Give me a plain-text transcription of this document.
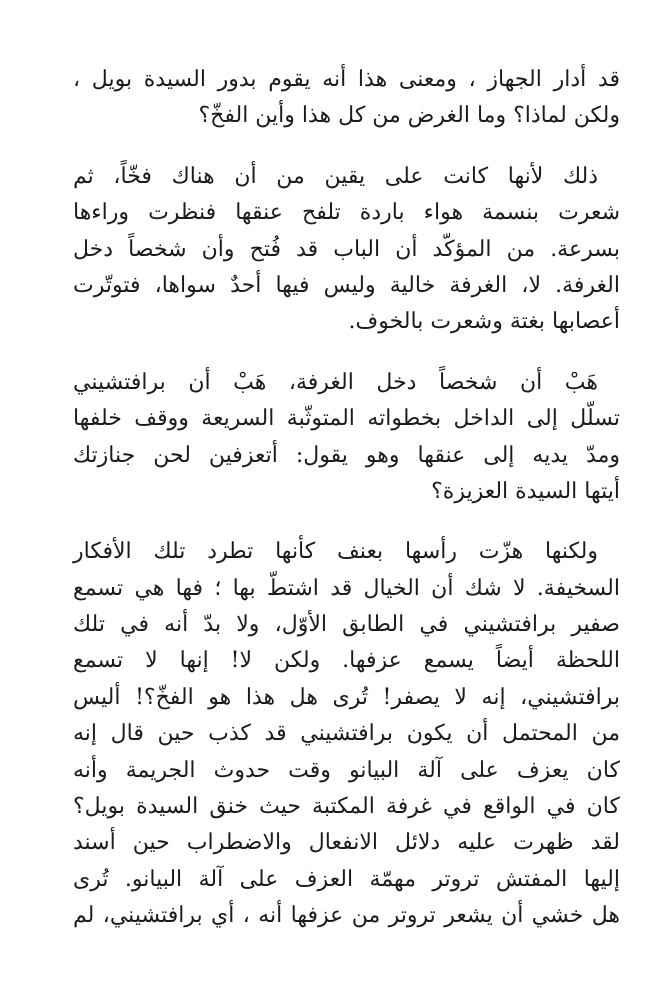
قد أدار الجهاز ، ومعنى هذا أنه يقوم بدور السيدة بويل ،
ولكن لماذا؟ وما الغرض من كل هذا وأين الفخّ؟
ذلك لأنها كانت على يقين من أن هناك فخّاً، ثم
شعرت بنسمة هواء باردة تلفح عنقها فنظرت وراءها
بسرعة. من المؤكّد أن الباب قد فُتح وأن شخصاً دخل
الغرفة. لا، الغرفة خالية وليس فيها أحدٌ سواها، فتوتّرت
أعصابها بغتة وشعرت بالخوف.
هَبْ أن شخصاً دخل الغرفة، هَبْ أن برافتشيني
تسلّل إلى الداخل بخطواته المتوثّبة السريعة ووقف خلفها
ومدّ يديه إلى عنقها وهو يقول: أتعزفين لحن جنازتك
أيتها السيدة العزيزة؟
ولكنها هزّت رأسها بعنف كأنها تطرد تلك الأفكار
السخيفة. لا شك أن الخيال قد اشتطّ بها ؛ فها هي تسمع
صفير برافتشيني في الطابق الأوّل، ولا بدّ أنه في تلك
اللحظة أيضاً يسمع عزفها. ولكن لا! إنها لا تسمع
برافتشيني، إنه لا يصفر! تُرى هل هذا هو الفخّ؟! أليس
من المحتمل أن يكون برافتشيني قد كذب حين قال إنه
كان يعزف على آلة البيانو وقت حدوث الجريمة وأنه
كان في الواقع في غرفة المكتبة حيث خنق السيدة بويل؟
لقد ظهرت عليه دلائل الانفعال والاضطراب حين أسند
إليها المفتش تروتر مهمّة العزف على آلة البيانو. تُرى
هل خشي أن يشعر تروتر من عزفها أنه ، أي برافتشيني، لم
